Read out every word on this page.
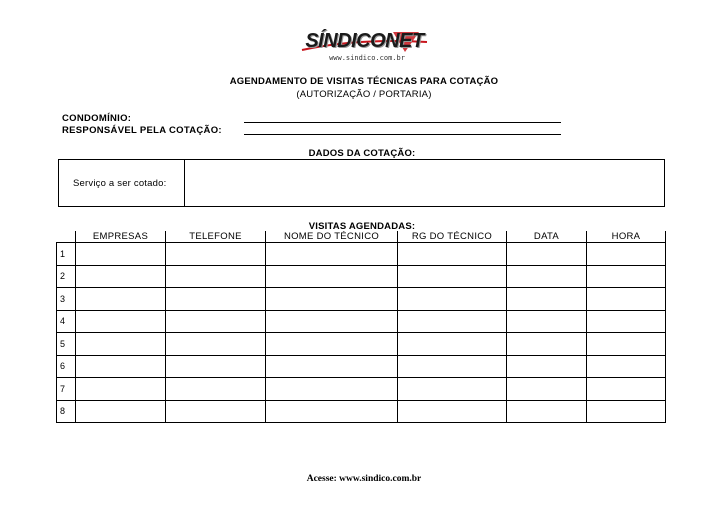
SÍNDICONET
www.sindico.com.br
AGENDAMENTO DE VISITAS TÉCNICAS PARA COTAÇÃO
(AUTORIZAÇÃO / PORTARIA)
CONDOMÍNIO:
RESPONSÁVEL PELA COTAÇÃO:
DADOS DA COTAÇÃO:
Serviço a ser cotado:
VISITAS AGENDADAS:
	EMPRESAS	TELEFONE	NOME DO TÉCNICO	RG DO TÉCNICO	DATA	HORA
1						
2						
3						
4						
5						
6						
7						
8						
Acesse: www.sindico.com.br
